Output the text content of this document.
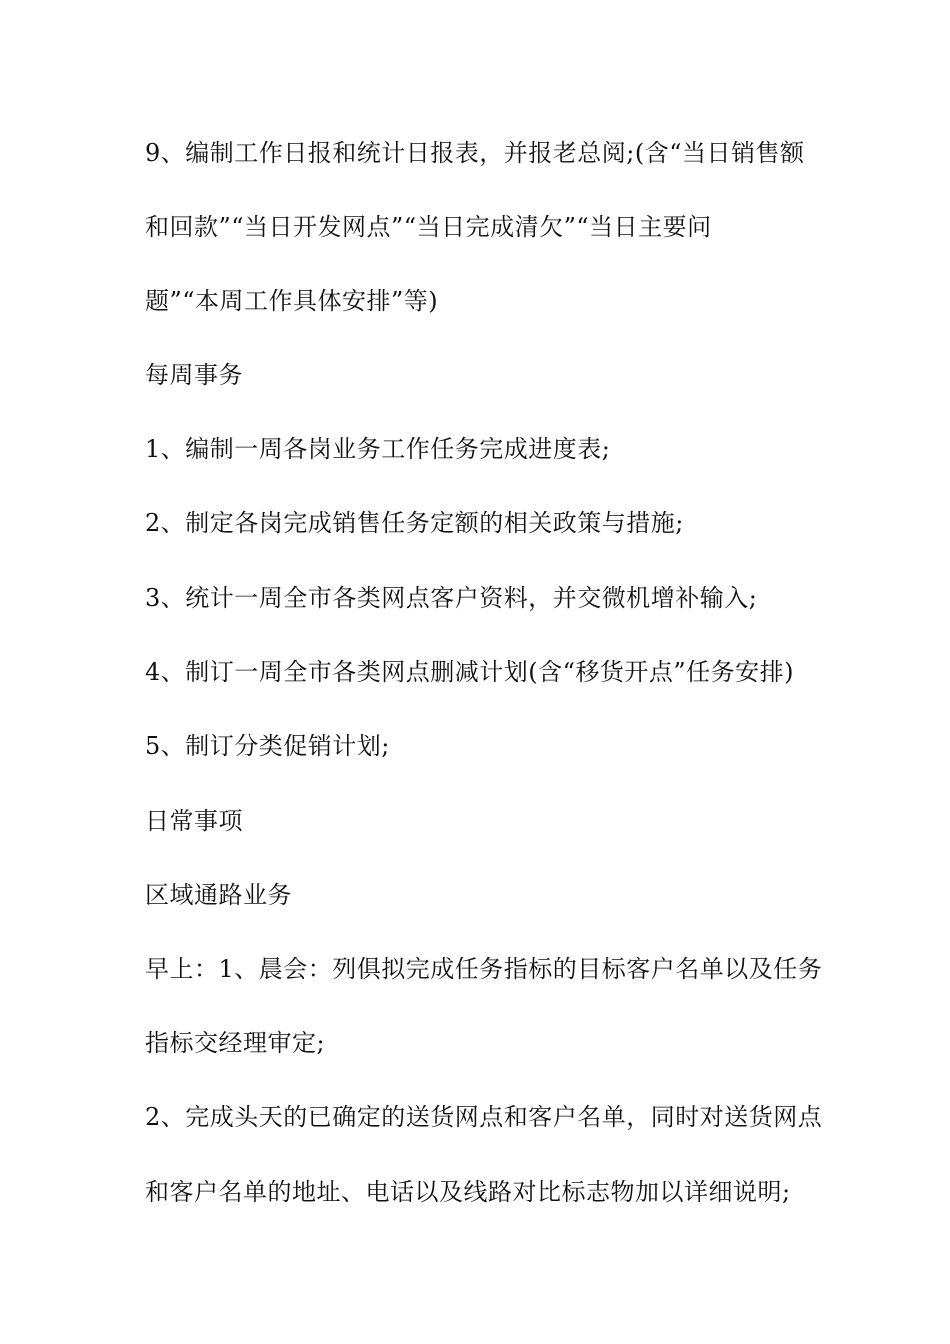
9、编制工作日报和统计日报表，并报老总阅;(含“当日销售额
和回款”“当日开发网点”“当日完成清欠”“当日主要问
题”“本周工作具体安排”等)
每周事务
1、编制一周各岗业务工作任务完成进度表;
2、制定各岗完成销售任务定额的相关政策与措施;
3、统计一周全市各类网点客户资料，并交微机增补输入;
4、制订一周全市各类网点删减计划(含“移货开点”任务安排)
5、制订分类促销计划;
日常事项
区域通路业务
早上：1、晨会：列俱拟完成任务指标的目标客户名单以及任务
指标交经理审定;
2、完成头天的已确定的送货网点和客户名单，同时对送货网点
和客户名单的地址、电话以及线路对比标志物加以详细说明;
